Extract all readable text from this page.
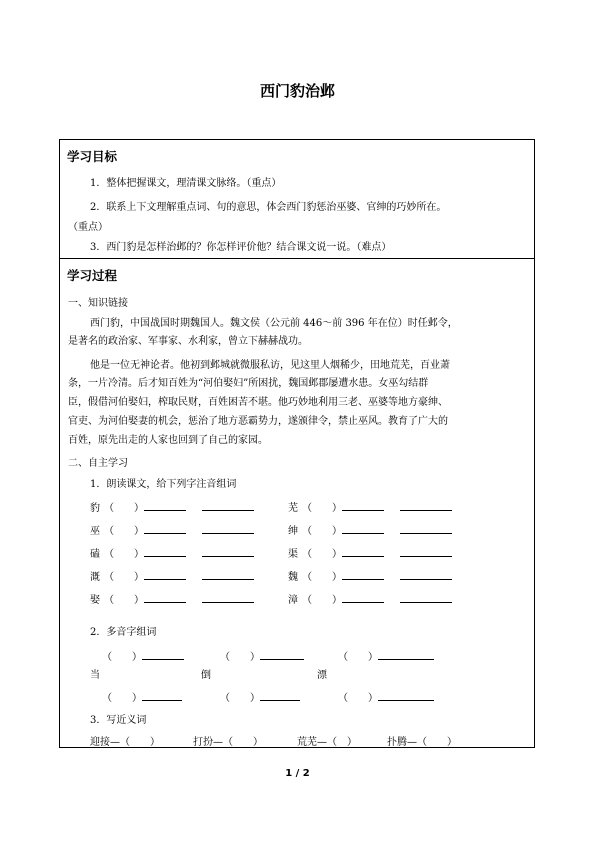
西门豹治邺
学习目标
1．整体把握课文，理清课文脉络。（重点）
2．联系上下文理解重点词、句的意思，体会西门豹惩治巫婆、官绅的巧妙所在。
（重点）
3．西门豹是怎样治邺的？你怎样评价他？结合课文说一说。（难点）
学习过程
一、知识链接
西门豹，中国战国时期魏国人。魏文侯（公元前 446～前 396 年在位）时任邺令，
是著名的政治家、军事家、水利家，曾立下赫赫战功。
他是一位无神论者。他初到邺城就微服私访，见这里人烟稀少，田地荒芜，百业萧
条，一片冷清。后才知百姓为“河伯娶妇”所困扰，魏国邺郡屡遭水患。女巫勾结群
臣，假借河伯娶妇，榨取民财，百姓困苦不堪。他巧妙地利用三老、巫婆等地方豪绅、
官吏、为河伯娶妻的机会，惩治了地方恶霸势力，遂颁律令，禁止巫风。教育了广大的
百姓，原先出走的人家也回到了自己的家园。
二、自主学习
1．朗读课文，给下列字注音组词
豹 （　　）	芜 （　　）
巫 （　　）	绅 （　　）
磕 （　　）	渠 （　　）
溉 （　　）	魏 （　　）
娶 （　　）	漳 （　　）
2．多音字组词
（　　）	（　　）	（　　）
当	倒	漂
（　　）	（　　）	（　　）
3．写近义词
迎接—（　　）	打扮—（　　）	荒芜—（　）	扑腾—（　　）
1 / 2
